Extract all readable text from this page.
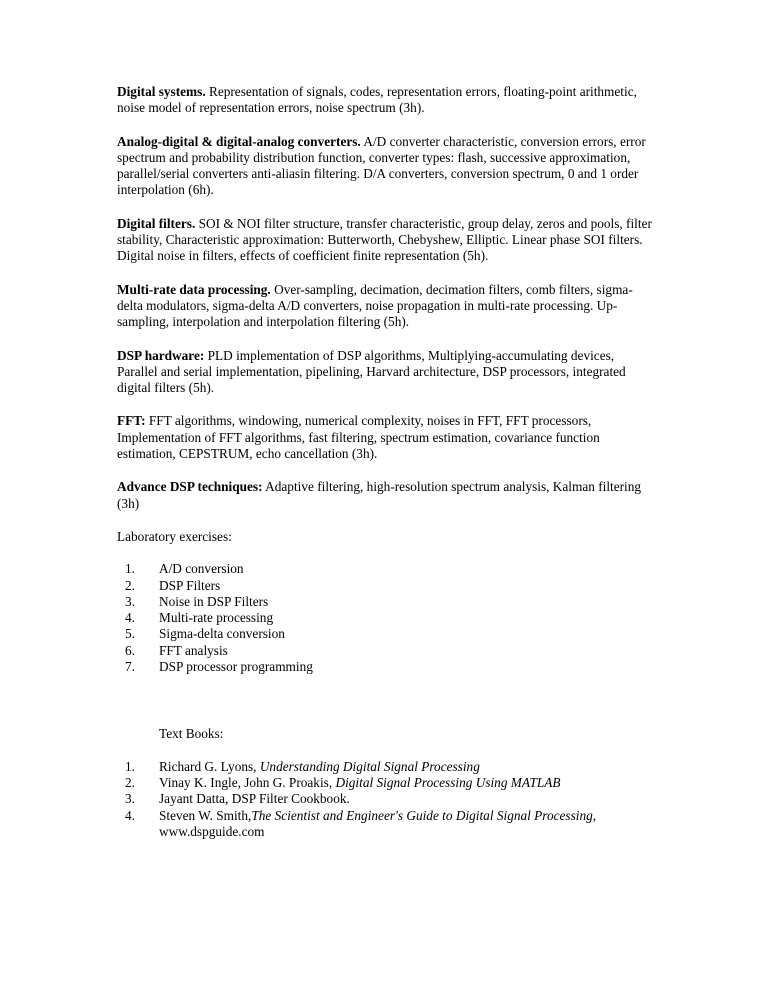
Digital systems. Representation of signals, codes, representation errors, floating-point arithmetic, noise model of representation errors, noise spectrum (3h).

Analog-digital & digital-analog converters. A/D converter characteristic, conversion errors, error spectrum and probability distribution function, converter types: flash, successive approximation, parallel/serial converters anti-aliasin filtering. D/A converters, conversion spectrum, 0 and 1 order interpolation (6h).

Digital filters. SOI & NOI filter structure, transfer characteristic, group delay, zeros and pools, filter stability, Characteristic approximation: Butterworth, Chebyshew, Elliptic. Linear phase SOI filters. Digital noise in filters, effects of coefficient finite representation (5h).

Multi-rate data processing. Over-sampling, decimation, decimation filters, comb filters, sigma-delta modulators, sigma-delta A/D converters, noise propagation in multi-rate processing. Up-sampling, interpolation and interpolation filtering (5h).

DSP hardware: PLD implementation of DSP algorithms, Multiplying-accumulating devices, Parallel and serial implementation, pipelining, Harvard architecture, DSP processors, integrated digital filters (5h).

FFT: FFT algorithms, windowing, numerical complexity, noises in FFT, FFT processors, Implementation of FFT algorithms, fast filtering, spectrum estimation, covariance function estimation, CEPSTRUM, echo cancellation (3h).

Advance DSP techniques: Adaptive filtering, high-resolution spectrum analysis, Kalman filtering (3h)

Laboratory exercises:

1. A/D conversion
2. DSP Filters
3. Noise in DSP Filters
4. Multi-rate processing
5. Sigma-delta conversion
6. FFT analysis
7. DSP processor programming

Text Books:

1. Richard G. Lyons, Understanding Digital Signal Processing
2. Vinay K. Ingle, John G. Proakis, Digital Signal Processing Using MATLAB
3. Jayant Datta, DSP Filter Cookbook.
4. Steven W. Smith,The Scientist and Engineer's Guide to Digital Signal Processing, www.dspguide.com
